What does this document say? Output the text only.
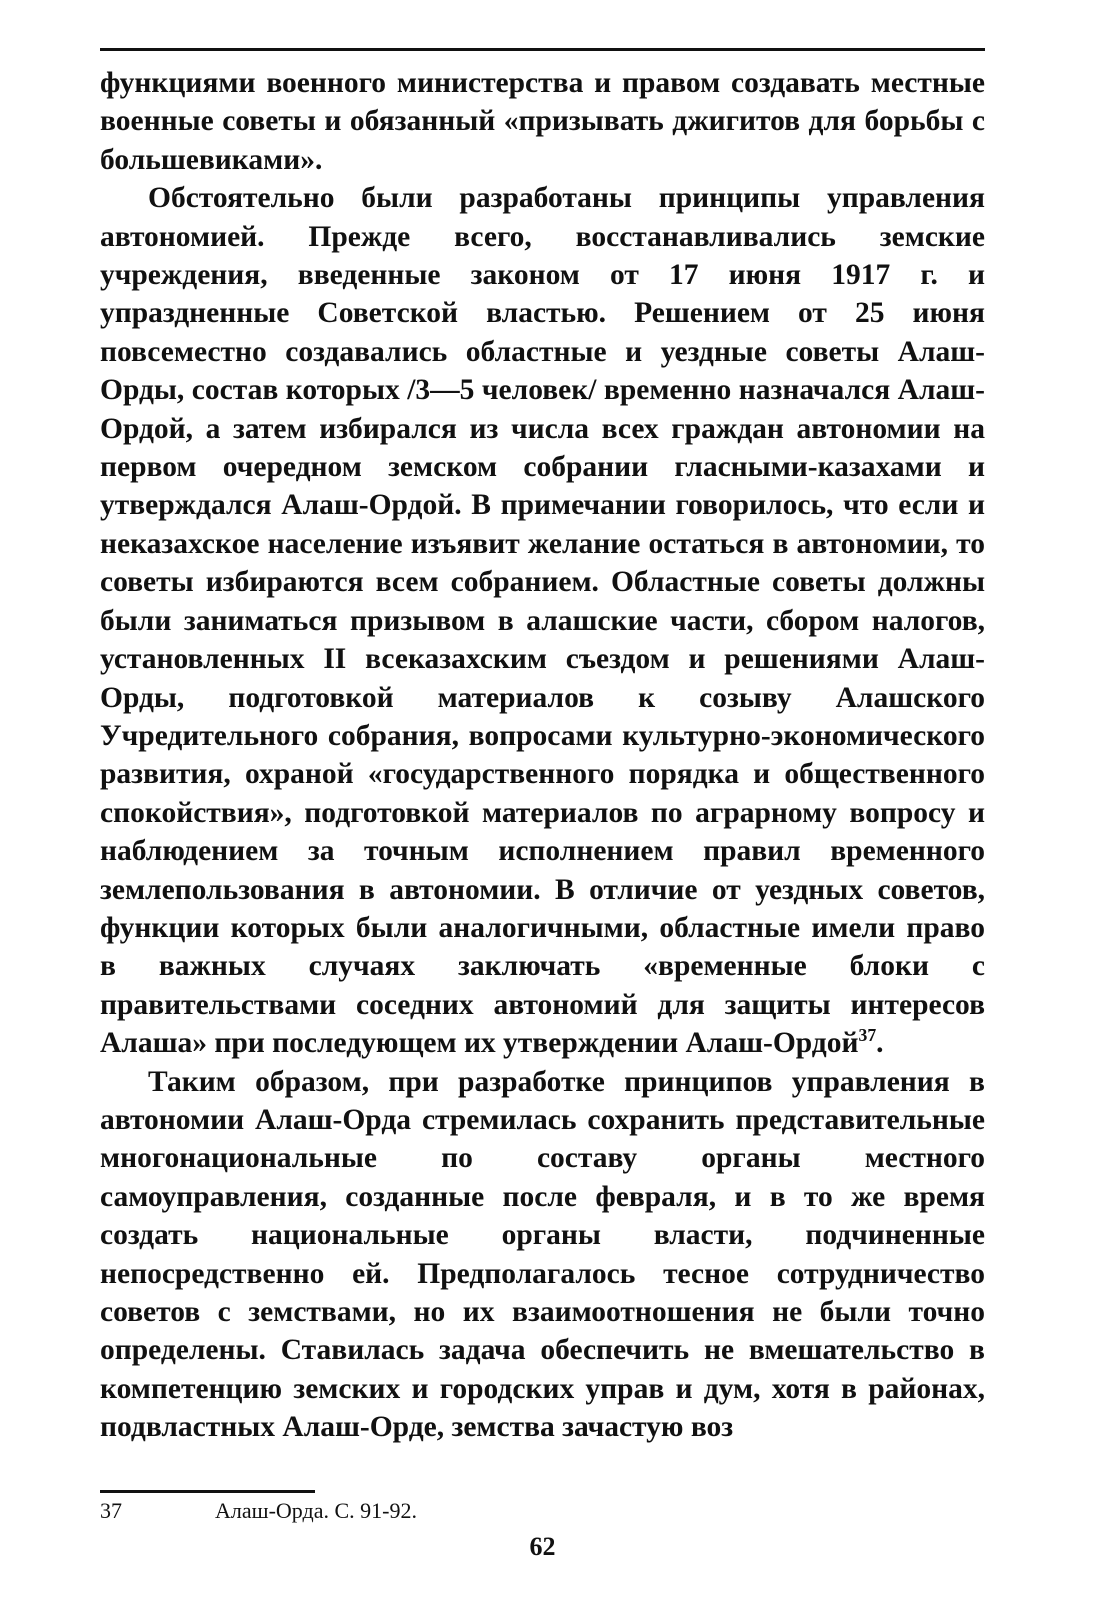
функциями военного министерства и правом создавать местные военные советы и обязанный «призывать джигитов для борьбы с большевиками».

Обстоятельно были разработаны принципы управления автономией. Прежде всего, восстанавливались земские учреждения, введенные законом от 17 июня 1917 г. и упраздненные Советской властью. Решением от 25 июня повсеместно создавались областные и уездные советы Алаш-Орды, состав которых /3—5 человек/ временно назначался Алаш-Ордой, а затем избирался из числа всех граждан автономии на первом очередном земском собрании гласными-казахами и утверждался Алаш-Ордой. В примечании говорилось, что если и неказахское население изъявит желание остаться в автономии, то советы избираются всем собранием. Областные советы должны были заниматься призывом в алашские части, сбором налогов, установленных II всеказахским съездом и решениями Алаш-Орды, подготовкой материалов к созыву Алашского Учредительного собрания, вопросами культурно-экономического развития, охраной «государственного порядка и общественного спокойствия», подготовкой материалов по аграрному вопросу и наблюдением за точным исполнением правил временного землепользования в автономии. В отличие от уездных советов, функции которых были аналогичными, областные имели право в важных случаях заключать «временные блоки с правительствами соседних автономий для защиты интересов Алаша» при последующем их утверждении Алаш-Ордой$^{37}$.

Таким образом, при разработке принципов управления в автономии Алаш-Орда стремилась сохранить представительные многонациональные по составу органы местного самоуправления, созданные после февраля, и в то же время создать национальные органы власти, подчиненные непосредственно ей. Предполагалось тесное сотрудничество советов с земствами, но их взаимоотношения не были точно определены. Ставилась задача обеспечить не вмешательство в компетенцию земских и городских управ и дум, хотя в районах, подвластных Алаш-Орде, земства зачастую воз

37	Алаш-Орда. С. 91-92.
62
